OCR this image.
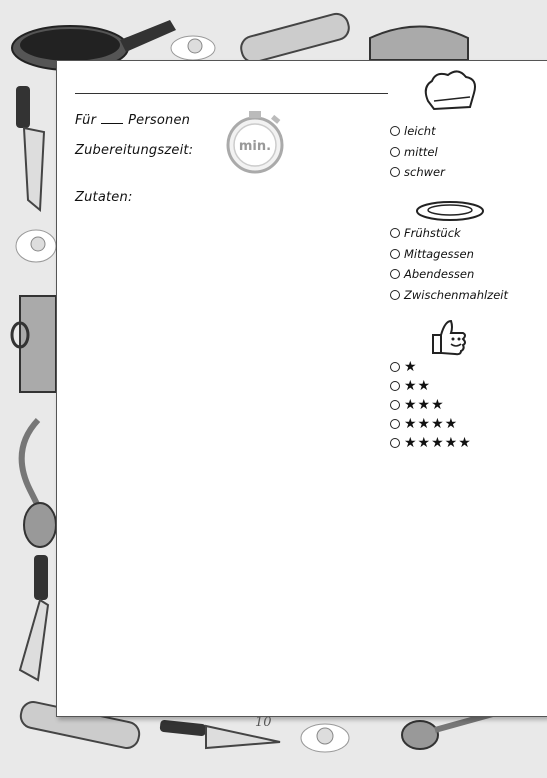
Für Personen
Zubereitungszeit:	min.
Zutaten:
leicht
mittel
schwer
Frühstück
Mittagessen
Abendessen
Zwischenmahlzeit
★
★★
★★★
★★★★
★★★★★
10
